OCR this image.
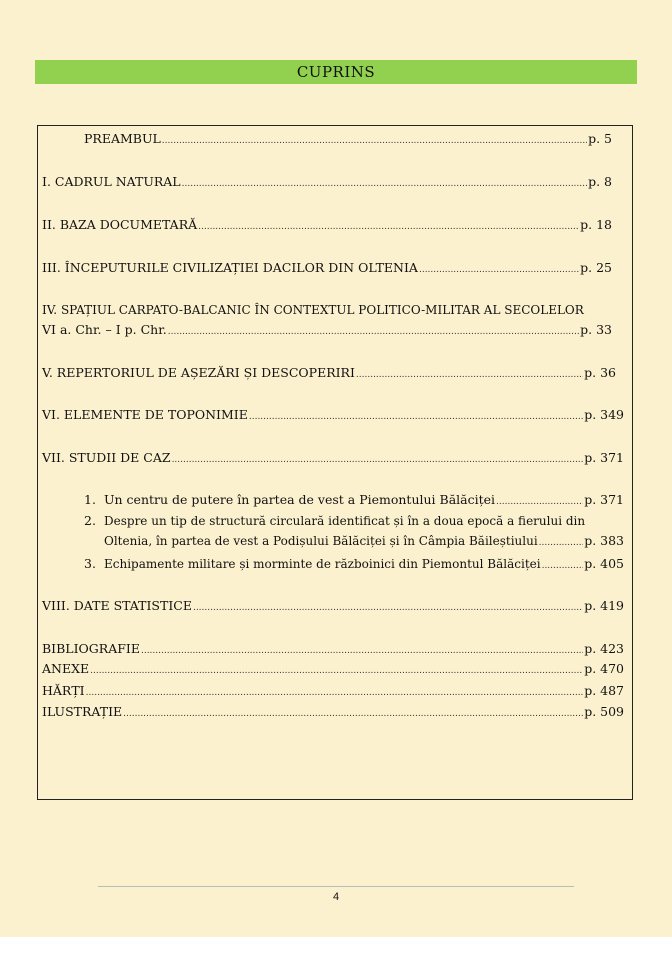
CUPRINS
PREAMBUL .....	p. 5
I. CADRUL NATURAL .....	p. 8
II. BAZA DOCUMETARĂ .....	p. 18
III. ÎNCEPUTURILE CIVILIZAȚIEI DACILOR DIN OLTENIA .....	p. 25
IV. SPAȚIUL CARPATO-BALCANIC ÎN CONTEXTUL POLITICO-MILITAR AL SECOLELOR
VI a. Chr. – I p. Chr. .....	p. 33
V. REPERTORIUL DE AȘEZĂRI ȘI DESCOPERIRI .....	p. 36
VI. ELEMENTE DE TOPONIMIE .....	p. 349
VII. STUDII DE CAZ .....	p. 371
1. Un centru de putere în partea de vest a Piemontului Bălăciței .....	p. 371
2. Despre un tip de structură circulară identificat și în a doua epocă a fierului din
Oltenia, în partea de vest a Podișului Bălăciței și în Câmpia Băileștiului .....	p. 383
3. Echipamente militare și morminte de războinici din Piemontul Bălăciței .....	p. 405
VIII. DATE STATISTICE .....	p. 419
BIBLIOGRAFIE .....	p. 423
ANEXE .....	p. 470
HĂRȚI .....	p. 487
ILUSTRAȚIE .....	p. 509
4
